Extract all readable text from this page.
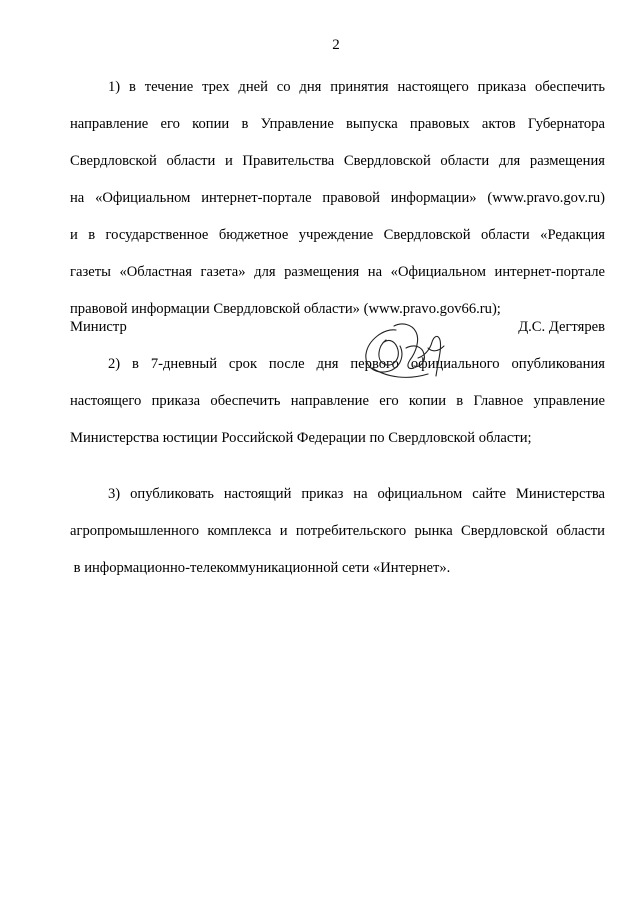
2

1) в течение трех дней со дня принятия настоящего приказа обеспечить

направление его копии в Управление выпуска правовых актов Губернатора

Свердловской области и Правительства Свердловской области для размещения

на «Официальном интернет-портале правовой информации» (www.pravo.gov.ru)

и в государственное бюджетное учреждение Свердловской области «Редакция

газеты «Областная газета» для размещения на «Официальном интернет-портале

правовой информации Свердловской области» (www.pravo.gov66.ru);

2) в 7-дневный срок после дня первого официального опубликования

настоящего приказа обеспечить направление его копии в Главное управление

Министерства юстиции Российской Федерации по Свердловской области;

3) опубликовать настоящий приказ на официальном сайте Министерства

агропромышленного комплекса и потребительского рынка Свердловской области

в информационно-телекоммуникационной сети «Интернет».

Министр	Д.С. Дегтярев
